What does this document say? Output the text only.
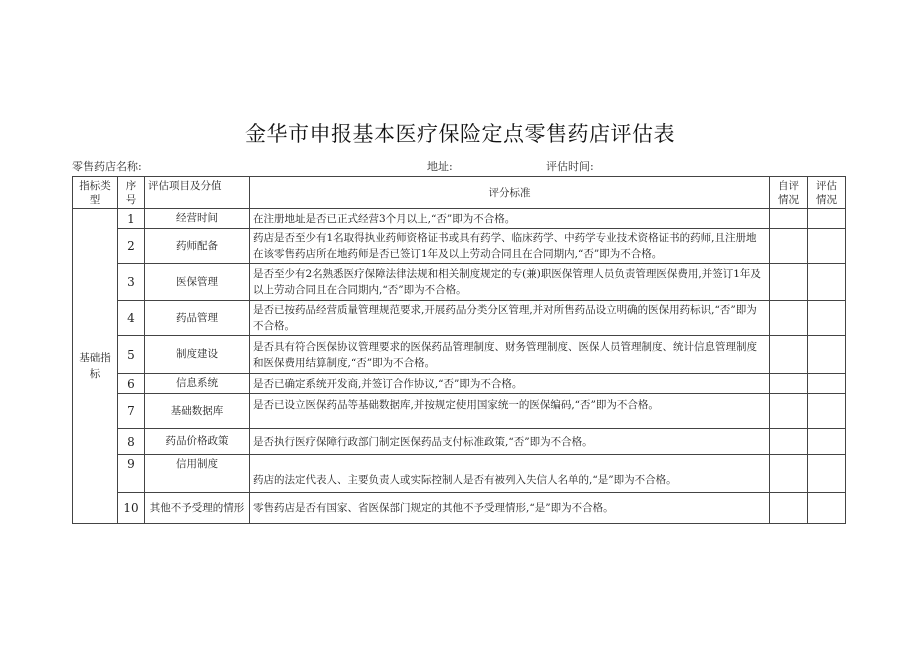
金华市申报基本医疗保险定点零售药店评估表
零售药店名称:	地址:	评估时间:
指标类型	序号	评估项目及分值	评分标准	自评情况	评估情况
基础指标	1	经营时间	在注册地址是否已正式经营3个月以上,“否”即为不合格。		
	2	药师配备	药店是否至少有1名取得执业药师资格证书或具有药学、临床药学、中药学专业技术资格证书的药师,且注册地在该零售药店所在地药师是否已签订1年及以上劳动合同且在合同期内,“否”即为不合格。		
	3	医保管理	是否至少有2名熟悉医疗保障法律法规和相关制度规定的专(兼)职医保管理人员负责管理医保费用,并签订1年及以上劳动合同且在合同期内,“否”即为不合格。		
	4	药品管理	是否已按药品经营质量管理规范要求,开展药品分类分区管理,并对所售药品设立明确的医保用药标识,“否”即为不合格。		
	5	制度建设	是否具有符合医保协议管理要求的医保药品管理制度、财务管理制度、医保人员管理制度、统计信息管理制度和医保费用结算制度,“否”即为不合格。		
	6	信息系统	是否已确定系统开发商,并签订合作协议,“否”即为不合格。		
	7	基础数据库	是否已设立医保药品等基础数据库,并按规定使用国家统一的医保编码,“否”即为不合格。		
	8	药品价格政策	是否执行医疗保障行政部门制定医保药品支付标准政策,“否”即为不合格。		
	9	信用制度	药店的法定代表人、主要负责人或实际控制人是否有被列入失信人名单的,“是”即为不合格。		
	10	其他不予受理的情形	零售药店是否有国家、省医保部门规定的其他不予受理情形,“是”即为不合格。		
